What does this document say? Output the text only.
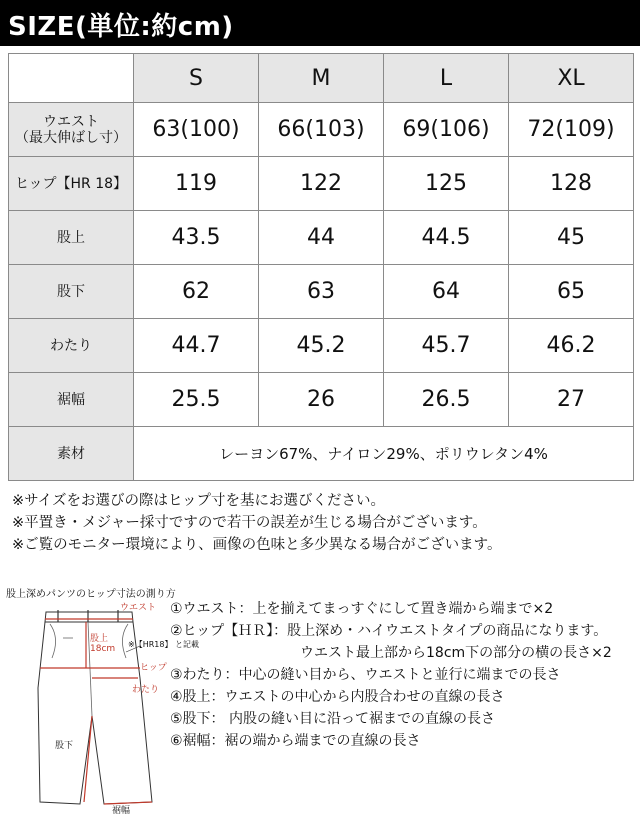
SIZE(単位:約cm)
	S	M	L	XL
ウエスト
（最大伸ばし寸）	63(100)	66(103)	69(106)	72(109)
ヒップ【HR 18】	119	122	125	128
股上	43.5	44	44.5	45
股下	62	63	64	65
わたり	44.7	45.2	45.7	46.2
裾幅	25.5	26	26.5	27
素材	レーヨン67%、ナイロン29%、ポリウレタン4%			
※サイズをお選びの際はヒップ寸を基にお選びください。
※平置き・メジャー採寸ですので若干の誤差が生じる場合がございます。
※ご覧のモニター環境により、画像の色味と多少異なる場合がございます。
股上深めパンツのヒップ寸法の測り方
ウエスト
股上
18cm ※【HR18】 と記載
ヒップ
わたり
股下
裾幅
①ウエスト：上を揃えてまっすぐにして置き端から端まで×2
②ヒップ【ＨＲ】：股上深め・ハイウエストタイプの商品になります。
ウエスト最上部から18cm下の部分の横の長さ×2
③わたり：中心の縫い目から、ウエストと並行に端までの長さ
④股上：ウエストの中心から内股合わせの直線の長さ
⑤股下： 内股の縫い目に沿って裾までの直線の長さ
⑥裾幅：裾の端から端までの直線の長さ
